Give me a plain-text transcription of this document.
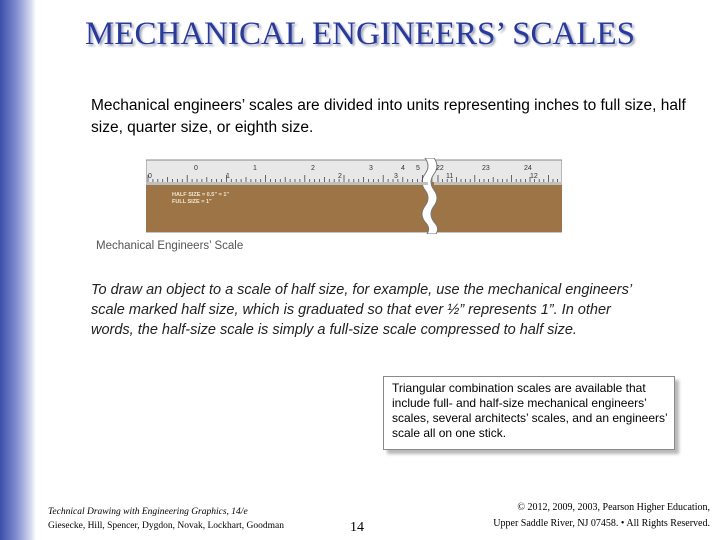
MECHANICAL ENGINEERS’ SCALES
Mechanical engineers’ scales are divided into units representing inches to full size, half size, quarter size, or eighth size.
0	1	2	3	4 5 22	23	24
0	1	2	3	11	12
HALF SIZE = 0.5” = 1”
FULL SIZE = 1”
Mechanical Engineers’ Scale
To draw an object to a scale of half size, for example, use the mechanical engineers’ scale marked half size, which is graduated so that ever ½” represents 1”. In other words, the half-size scale is simply a full-size scale compressed to half size.
Triangular combination scales are available that include full- and half-size mechanical engineers’ scales, several architects’ scales, and an engineers’ scale all on one stick.
Technical Drawing with Engineering Graphics, 14/e
Giesecke, Hill, Spencer, Dygdon, Novak, Lockhart, Goodman	14
© 2012, 2009, 2003, Pearson Higher Education,
Upper Saddle River, NJ 07458. • All Rights Reserved.
